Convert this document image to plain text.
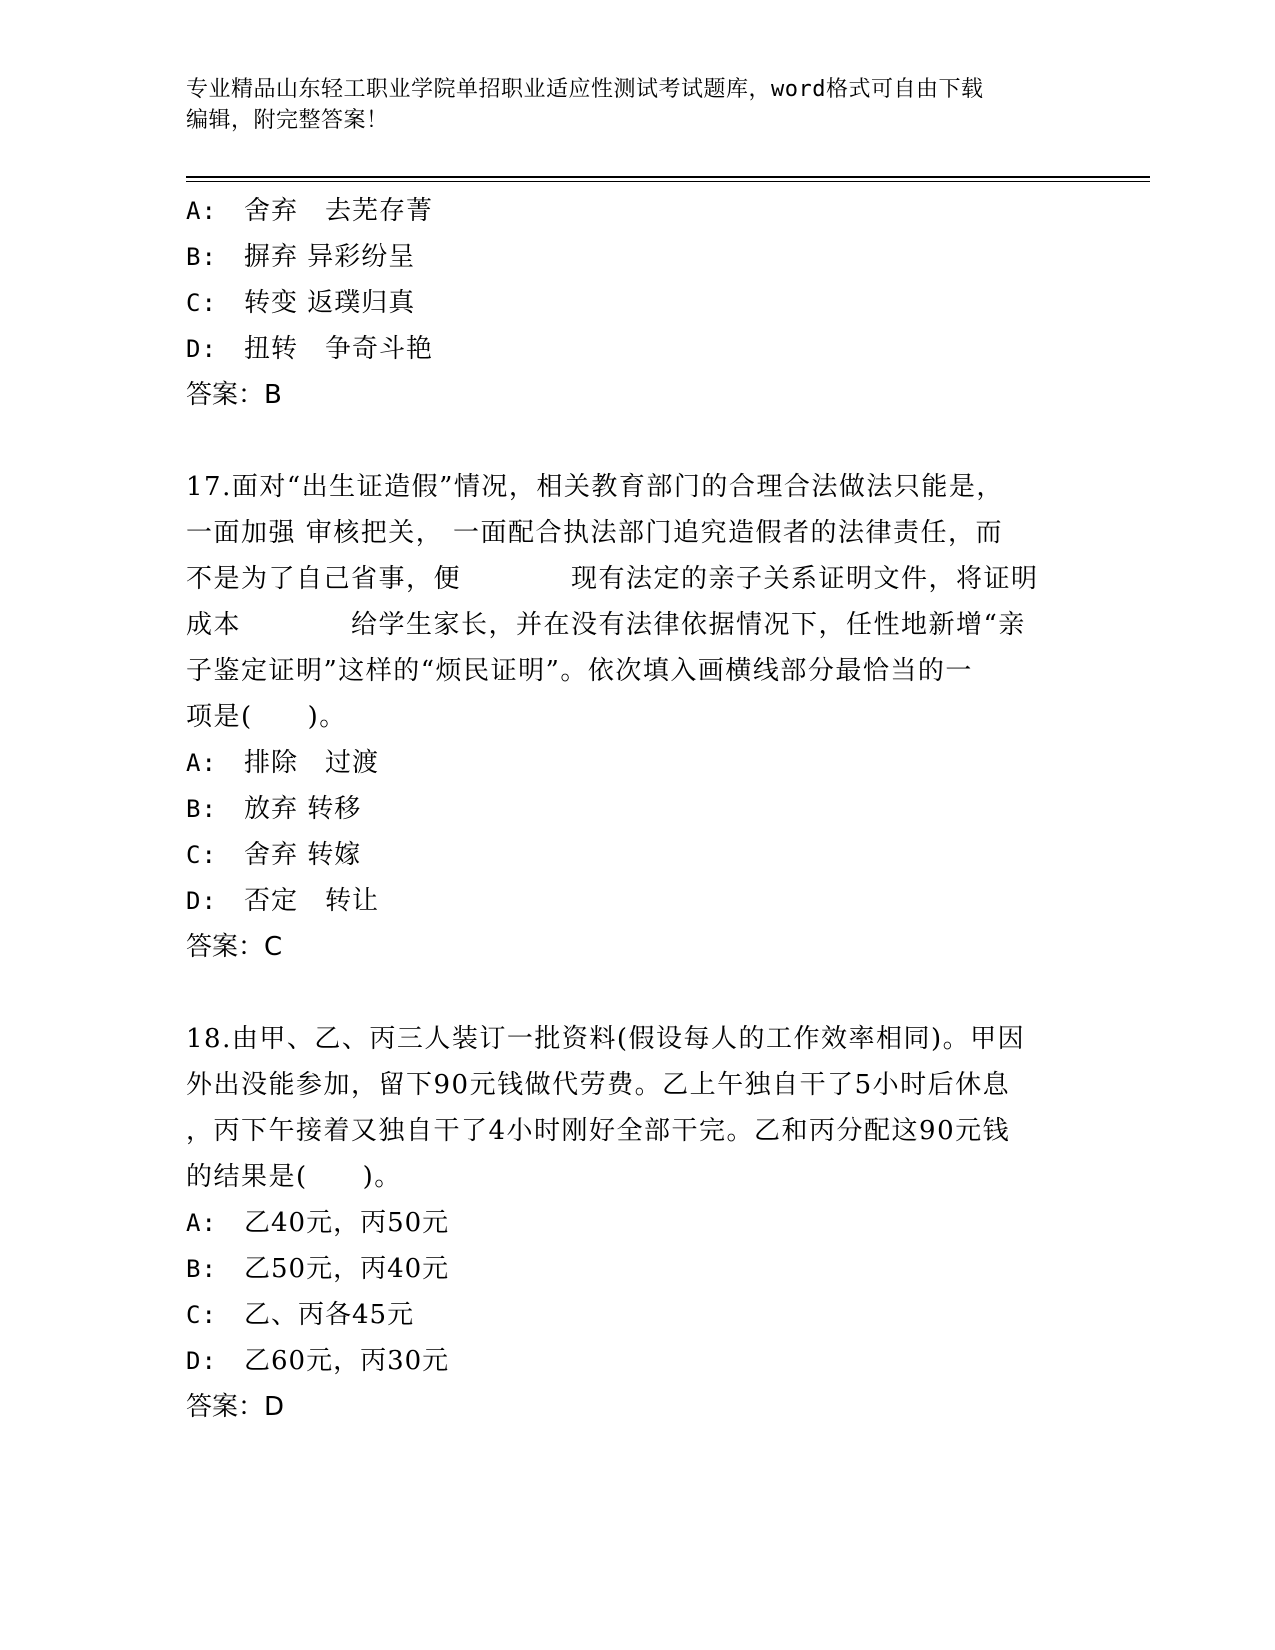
专业精品山东轻工职业学院单招职业适应性测试考试题库，word格式可自由下载
编辑，附完整答案！
A: 舍弃　去芜存菁
B: 摒弃 异彩纷呈
C: 转变 返璞归真
D: 扭转　争奇斗艳
答案：B
17.面对“出生证造假”情况，相关教育部门的合理合法做法只能是，
一面加强 审核把关， 一面配合执法部门追究造假者的法律责任，而
不是为了自己省事，便　　　　现有法定的亲子关系证明文件，将证明
成本　　　　给学生家长，并在没有法律依据情况下，任性地新增“亲
子鉴定证明”这样的“烦民证明”。依次填入画横线部分最恰当的一
项是(　　)。
A: 排除　过渡
B: 放弃 转移
C: 舍弃 转嫁
D: 否定　转让
答案：C
18.由甲、乙、丙三人装订一批资料(假设每人的工作效率相同)。甲因
外出没能参加，留下90元钱做代劳费。乙上午独自干了5小时后休息
，丙下午接着又独自干了4小时刚好全部干完。乙和丙分配这90元钱
的结果是(　　)。
A: 乙40元，丙50元
B: 乙50元，丙40元
C: 乙、丙各45元
D: 乙60元，丙30元
答案：D
